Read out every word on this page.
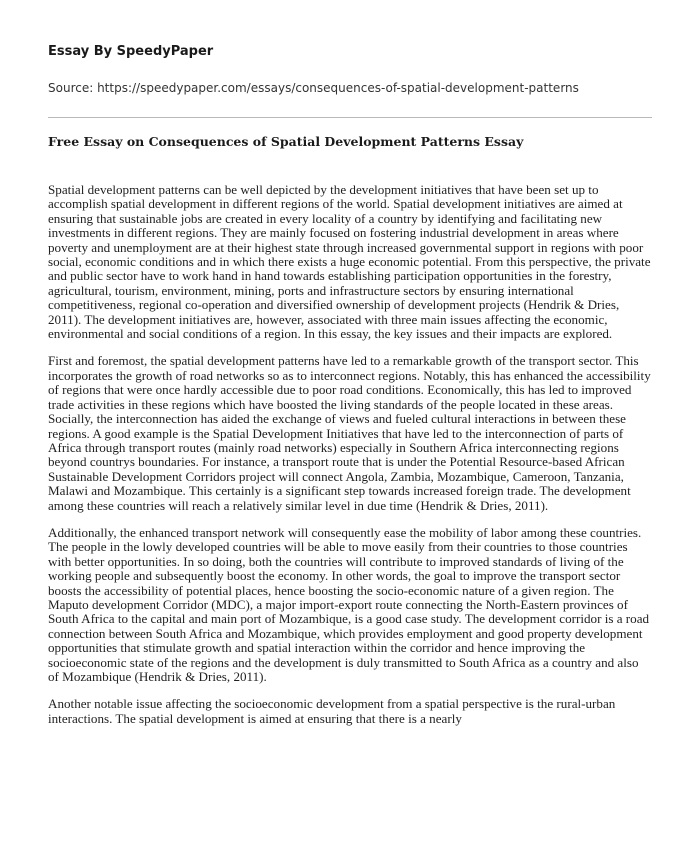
Essay By SpeedyPaper
Source: https://speedypaper.com/essays/consequences-of-spatial-development-patterns
Free Essay on Consequences of Spatial Development Patterns Essay

Spatial development patterns can be well depicted by the development initiatives that have been set up to accomplish spatial development in different regions of the world. Spatial development initiatives are aimed at ensuring that sustainable jobs are created in every locality of a country by identifying and facilitating new investments in different regions. They are mainly focused on fostering industrial development in areas where poverty and unemployment are at their highest state through increased governmental support in regions with poor social, economic conditions and in which there exists a huge economic potential. From this perspective, the private and public sector have to work hand in hand towards establishing participation opportunities in the forestry, agricultural, tourism, environment, mining, ports and infrastructure sectors by ensuring international competitiveness, regional co-operation and diversified ownership of development projects (Hendrik & Dries, 2011). The development initiatives are, however, associated with three main issues affecting the economic, environmental and social conditions of a region. In this essay, the key issues and their impacts are explored.

First and foremost, the spatial development patterns have led to a remarkable growth of the transport sector. This incorporates the growth of road networks so as to interconnect regions. Notably, this has enhanced the accessibility of regions that were once hardly accessible due to poor road conditions. Economically, this has led to improved trade activities in these regions which have boosted the living standards of the people located in these areas. Socially, the interconnection has aided the exchange of views and fueled cultural interactions in between these regions. A good example is the Spatial Development Initiatives that have led to the interconnection of parts of Africa through transport routes (mainly road networks) especially in Southern Africa interconnecting regions beyond countrys boundaries. For instance, a transport route that is under the Potential Resource-based African Sustainable Development Corridors project will connect Angola, Zambia, Mozambique, Cameroon, Tanzania, Malawi and Mozambique. This certainly is a significant step towards increased foreign trade. The development among these countries will reach a relatively similar level in due time (Hendrik & Dries, 2011).

Additionally, the enhanced transport network will consequently ease the mobility of labor among these countries. The people in the lowly developed countries will be able to move easily from their countries to those countries with better opportunities. In so doing, both the countries will contribute to improved standards of living of the working people and subsequently boost the economy. In other words, the goal to improve the transport sector boosts the accessibility of potential places, hence boosting the socio-economic nature of a given region. The Maputo development Corridor (MDC), a major import-export route connecting the North-Eastern provinces of South Africa to the capital and main port of Mozambique, is a good case study. The development corridor is a road connection between South Africa and Mozambique, which provides employment and good property development opportunities that stimulate growth and spatial interaction within the corridor and hence improving the socioeconomic state of the regions and the development is duly transmitted to South Africa as a country and also of Mozambique (Hendrik & Dries, 2011).

Another notable issue affecting the socioeconomic development from a spatial perspective is the rural-urban interactions. The spatial development is aimed at ensuring that there is a nearly
